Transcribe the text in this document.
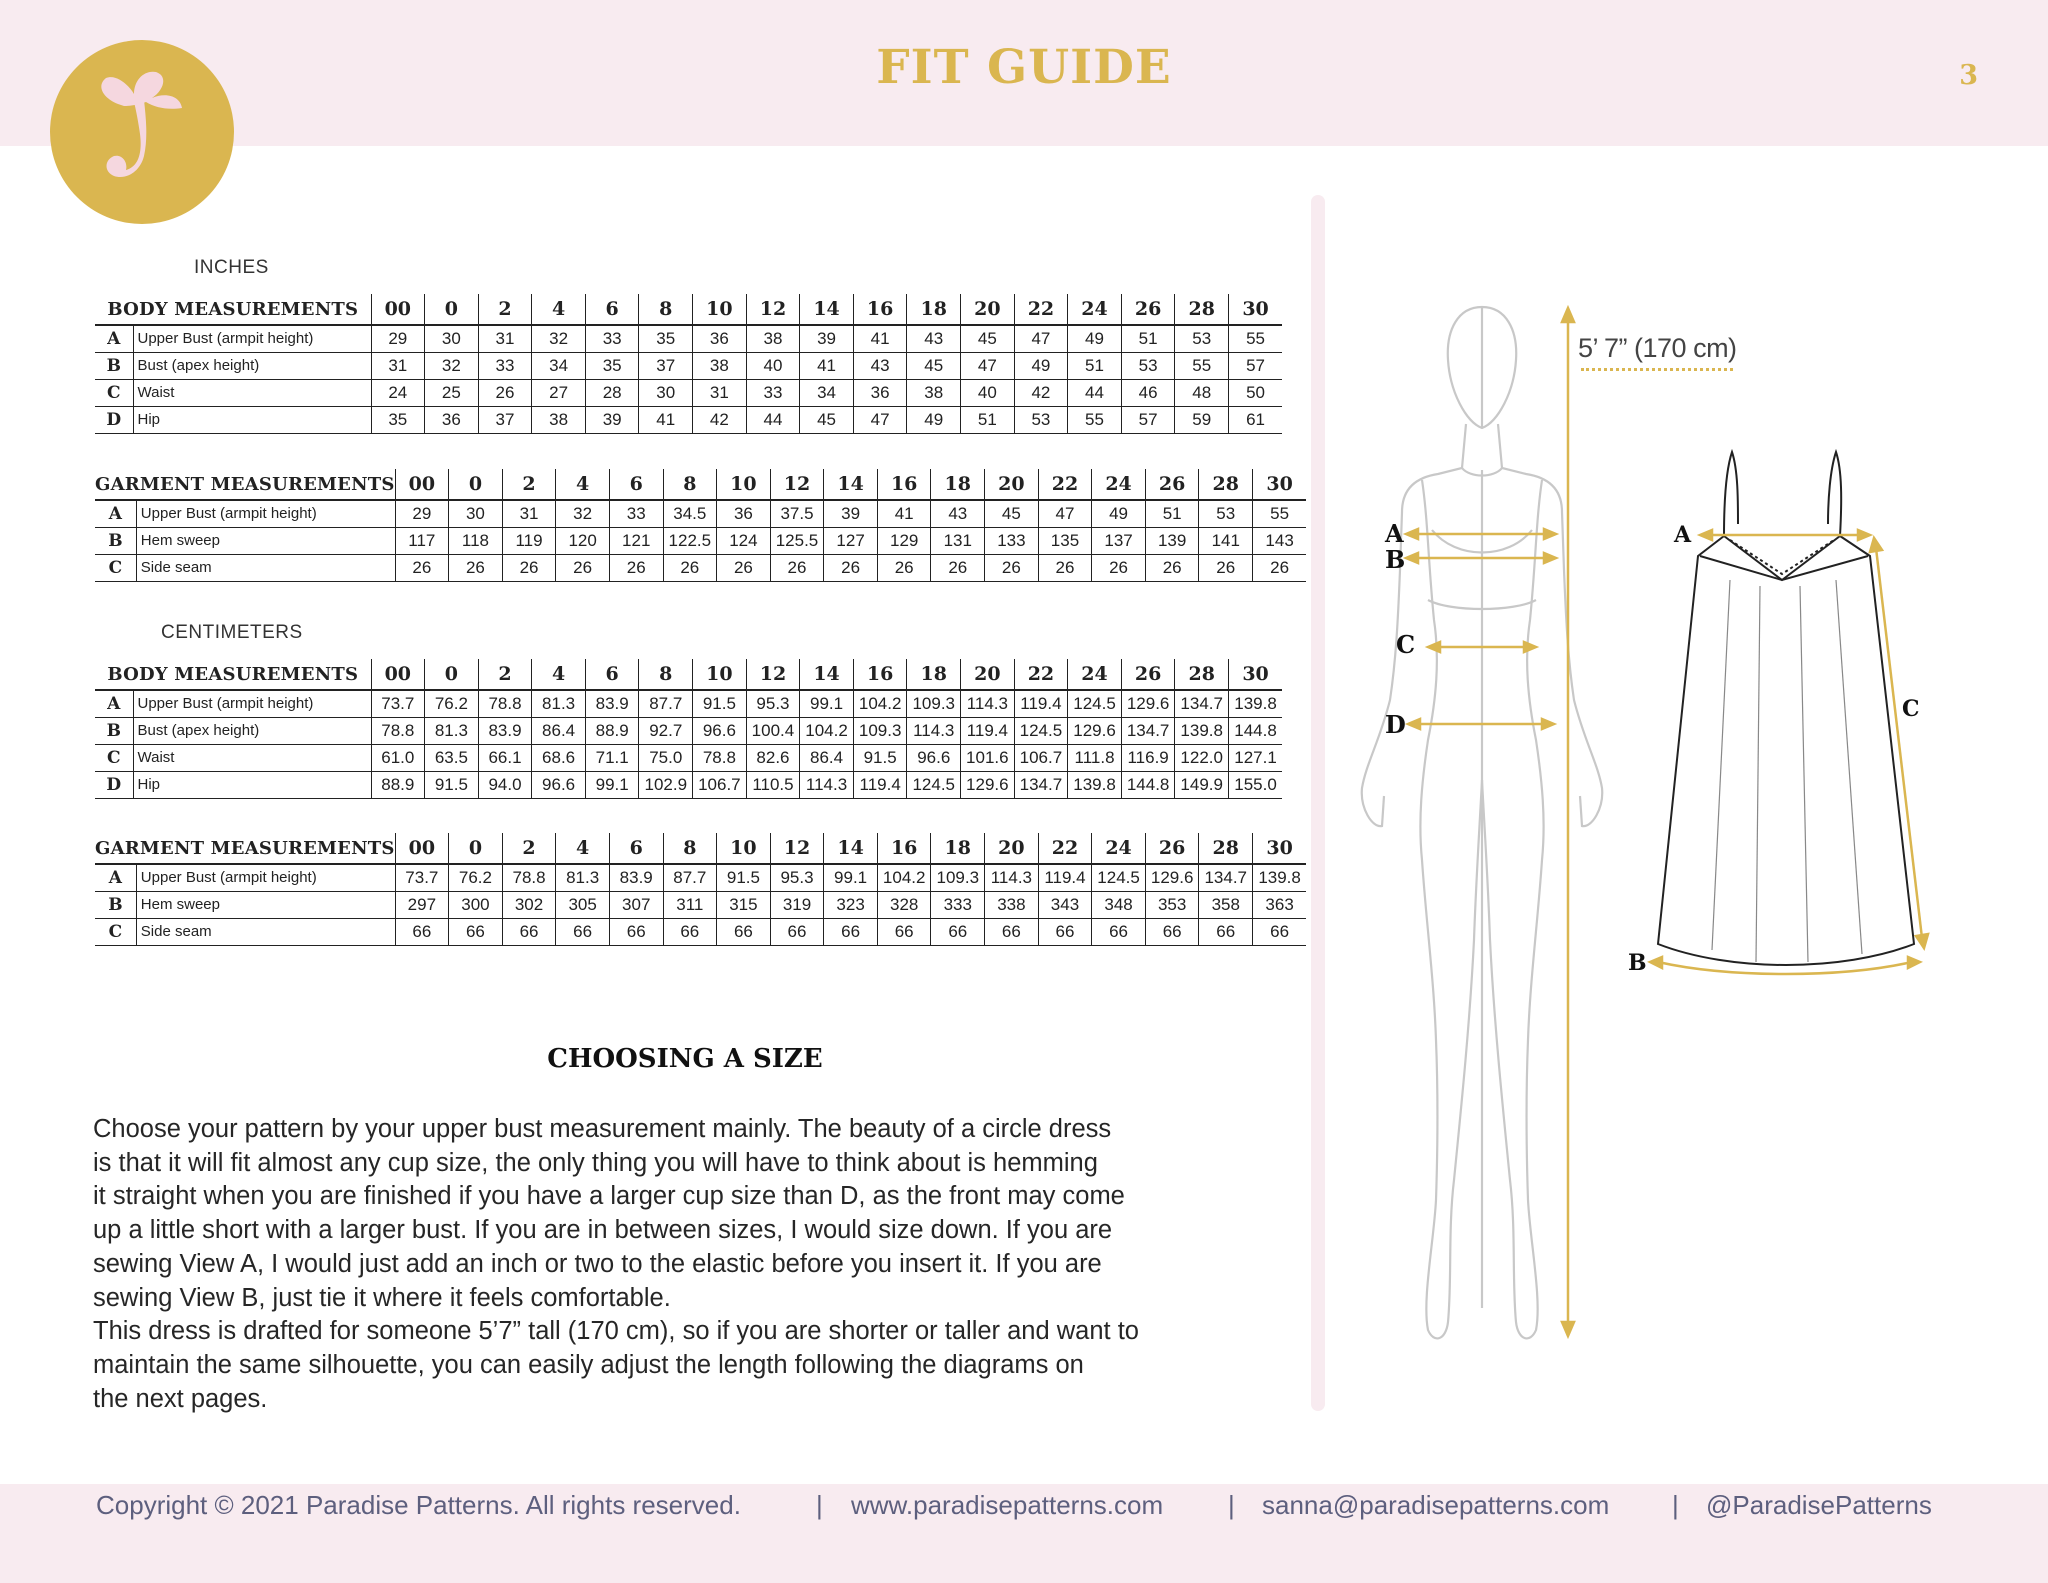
FIT GUIDE	3
INCHES
BODY MEASUREMENTS		00	0	2	4	6	8	10	12	14	16	18	20	22	24	26	28	30
A	Upper Bust (armpit height)	29	30	31	32	33	35	36	38	39	41	43	45	47	49	51	53	55
B	Bust (apex height)	31	32	33	34	35	37	38	40	41	43	45	47	49	51	53	55	57
C	Waist	24	25	26	27	28	30	31	33	34	36	38	40	42	44	46	48	50
D	Hip	35	36	37	38	39	41	42	44	45	47	49	51	53	55	57	59	61
GARMENT MEASUREMENTS		00	0	2	4	6	8	10	12	14	16	18	20	22	24	26	28	30
A	Upper Bust (armpit height)	29	30	31	32	33	34.5	36	37.5	39	41	43	45	47	49	51	53	55
B	Hem sweep	117	118	119	120	121	122.5	124	125.5	127	129	131	133	135	137	139	141	143
C	Side seam	26	26	26	26	26	26	26	26	26	26	26	26	26	26	26	26	26
CENTIMETERS
BODY MEASUREMENTS		00	0	2	4	6	8	10	12	14	16	18	20	22	24	26	28	30
A	Upper Bust (armpit height)	73.7	76.2	78.8	81.3	83.9	87.7	91.5	95.3	99.1	104.2	109.3	114.3	119.4	124.5	129.6	134.7	139.8
B	Bust (apex height)	78.8	81.3	83.9	86.4	88.9	92.7	96.6	100.4	104.2	109.3	114.3	119.4	124.5	129.6	134.7	139.8	144.8
C	Waist	61.0	63.5	66.1	68.6	71.1	75.0	78.8	82.6	86.4	91.5	96.6	101.6	106.7	111.8	116.9	122.0	127.1
D	Hip	88.9	91.5	94.0	96.6	99.1	102.9	106.7	110.5	114.3	119.4	124.5	129.6	134.7	139.8	144.8	149.9	155.0
GARMENT MEASUREMENTS		00	0	2	4	6	8	10	12	14	16	18	20	22	24	26	28	30
A	Upper Bust (armpit height)	73.7	76.2	78.8	81.3	83.9	87.7	91.5	95.3	99.1	104.2	109.3	114.3	119.4	124.5	129.6	134.7	139.8
B	Hem sweep	297	300	302	305	307	311	315	319	323	328	333	338	343	348	353	358	363
C	Side seam	66	66	66	66	66	66	66	66	66	66	66	66	66	66	66	66	66
CHOOSING A SIZE

Choose your pattern by your upper bust measurement mainly. The beauty of a circle dress

is that it will fit almost any cup size, the only thing you will have to think about is hemming

it straight when you are finished if you have a larger cup size than D, as the front may come

up a little short with a larger bust. If you are in between sizes, I would size down. If you are

sewing View A, I would just add an inch or two to the elastic before you insert it. If you are

sewing View B, just tie it where it feels comfortable.

This dress is drafted for someone 5’7” tall (170 cm), so if you are shorter or taller and want to

maintain the same silhouette, you can easily adjust the length following the diagrams on

the next pages.

A
B
C
D
A
C
B
5’ 7” (170 cm)
Copyright © 2021 Paradise Patterns. All rights reserved.	| www.paradisepatterns.com | sanna@paradisepatterns.com | @ParadisePatterns
